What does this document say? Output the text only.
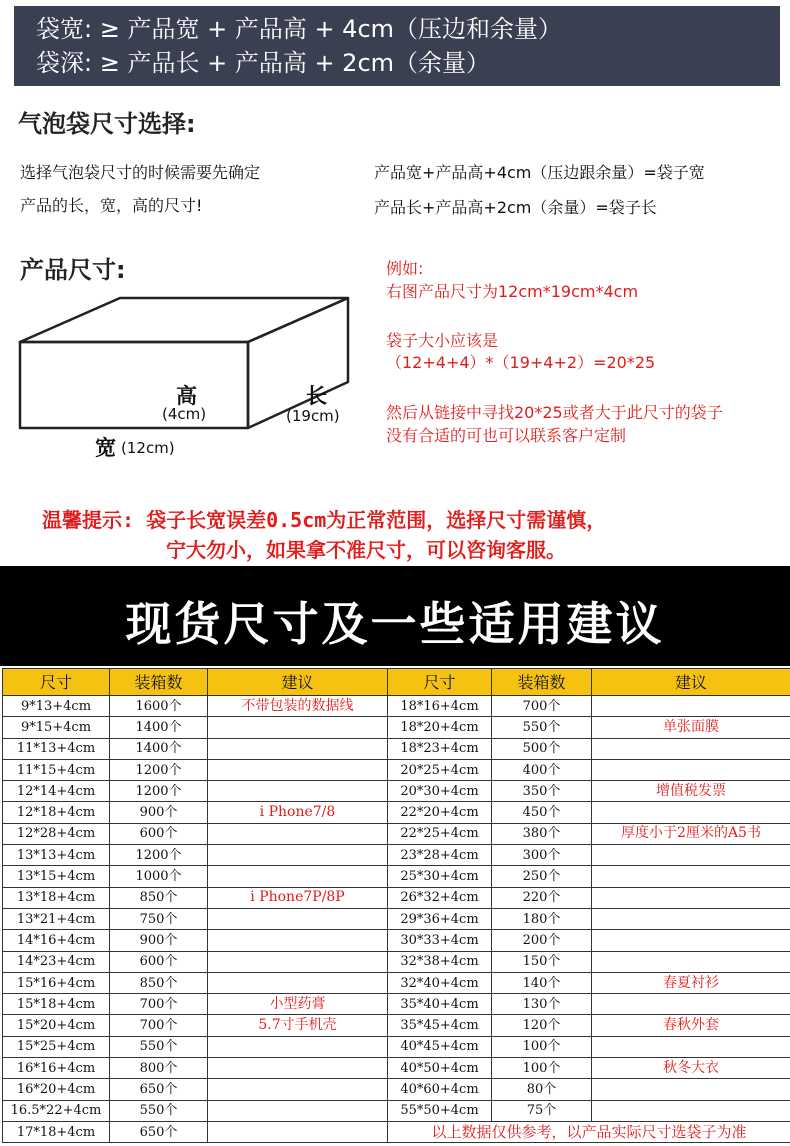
袋宽: ≥ 产品宽 + 产品高 + 4cm（压边和余量）
袋深: ≥ 产品长 + 产品高 + 2cm（余量）
气泡袋尺寸选择:
选择气泡袋尺寸的时候需要先确定
产品的长，宽，高的尺寸!
产品宽+产品高+4cm（压边跟余量）=袋子宽
产品长+产品高+2cm（余量）=袋子长
产品尺寸:
高
(4cm)
长
(19cm)
宽 (12cm)
例如:
右图产品尺寸为12cm*19cm*4cm
袋子大小应该是
（12+4+4）*（19+4+2）=20*25
然后从链接中寻找20*25或者大于此尺寸的袋子
没有合适的可也可以联系客户定制
温馨提示: 袋子长宽误差0.5cm为正常范围，选择尺寸需谨慎，
宁大勿小，如果拿不准尺寸，可以咨询客服。
现货尺寸及一些适用建议
尺寸	装箱数	建议	尺寸	装箱数	建议
9*13+4cm	1600个	不带包装的数据线	18*16+4cm	700个	
9*15+4cm	1400个		18*20+4cm	550个	单张面膜
11*13+4cm	1400个		18*23+4cm	500个	
11*15+4cm	1200个		20*25+4cm	400个	
12*14+4cm	1200个		20*30+4cm	350个	增值税发票
12*18+4cm	900个	i Phone7/8	22*20+4cm	450个	
12*28+4cm	600个		22*25+4cm	380个	厚度小于2厘米的A5书
13*13+4cm	1200个		23*28+4cm	300个	
13*15+4cm	1000个		25*30+4cm	250个	
13*18+4cm	850个	i Phone7P/8P	26*32+4cm	220个	
13*21+4cm	750个		29*36+4cm	180个	
14*16+4cm	900个		30*33+4cm	200个	
14*23+4cm	600个		32*38+4cm	150个	
15*16+4cm	850个		32*40+4cm	140个	春夏衬衫
15*18+4cm	700个	小型药膏	35*40+4cm	130个	
15*20+4cm	700个	5.7寸手机壳	35*45+4cm	120个	春秋外套
15*25+4cm	550个		40*45+4cm	100个	
16*16+4cm	800个		40*50+4cm	100个	秋冬大衣
16*20+4cm	650个		40*60+4cm	80个	
16.5*22+4cm	550个		55*50+4cm	75个	
17*18+4cm	650个		以上数据仅供参考，以产品实际尺寸选袋子为准		
